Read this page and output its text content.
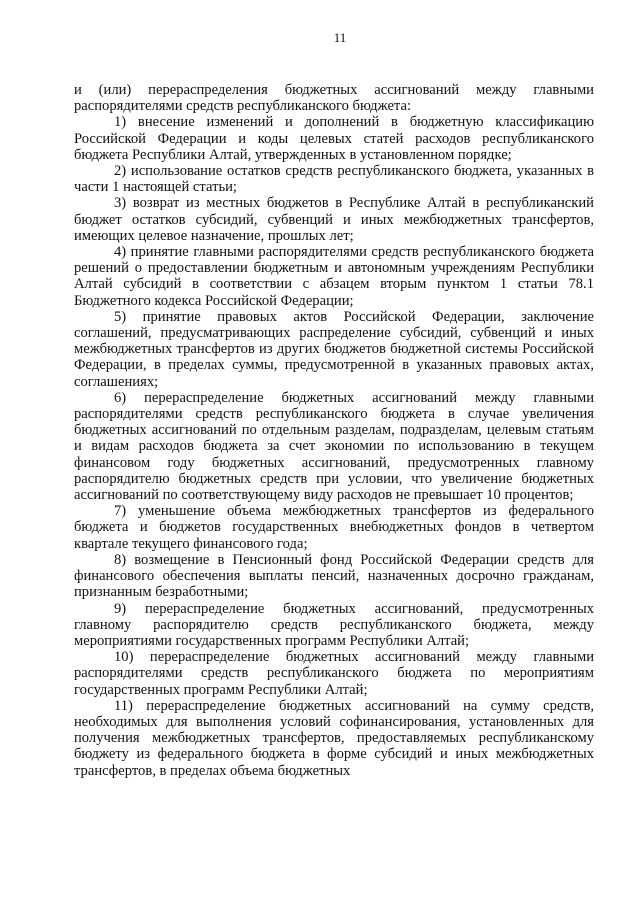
11

и (или) перераспределения бюджетных ассигнований между главными распорядителями средств республиканского бюджета:

1) внесение изменений и дополнений в бюджетную классификацию Российской Федерации и коды целевых статей расходов республиканского бюджета Республики Алтай, утвержденных в установленном порядке;

2) использование остатков средств республиканского бюджета, указанных в части 1 настоящей статьи;

3) возврат из местных бюджетов в Республике Алтай в республиканский бюджет остатков субсидий, субвенций и иных межбюджетных трансфертов, имеющих целевое назначение, прошлых лет;

4) принятие главными распорядителями средств республиканского бюджета решений о предоставлении бюджетным и автономным учреждениям Республики Алтай субсидий в соответствии с абзацем вторым пунктом 1 статьи 78.1 Бюджетного кодекса Российской Федерации;

5) принятие правовых актов Российской Федерации, заключение соглашений, предусматривающих распределение субсидий, субвенций и иных межбюджетных трансфертов из других бюджетов бюджетной системы Российской Федерации, в пределах суммы, предусмотренной в указанных правовых актах, соглашениях;

6) перераспределение бюджетных ассигнований между главными распорядителями средств республиканского бюджета в случае увеличения бюджетных ассигнований по отдельным разделам, подразделам, целевым статьям и видам расходов бюджета за счет экономии по использованию в текущем финансовом году бюджетных ассигнований, предусмотренных главному распорядителю бюджетных средств при условии, что увеличение бюджетных ассигнований по соответствующему виду расходов не превышает 10 процентов;

7) уменьшение объема межбюджетных трансфертов из федерального бюджета и бюджетов государственных внебюджетных фондов в четвертом квартале текущего финансового года;

8) возмещение в Пенсионный фонд Российской Федерации средств для финансового обеспечения выплаты пенсий, назначенных досрочно гражданам, признанным безработными;

9) перераспределение бюджетных ассигнований, предусмотренных главному распорядителю средств республиканского бюджета, между мероприятиями государственных программ Республики Алтай;

10) перераспределение бюджетных ассигнований между главными распорядителями средств республиканского бюджета по мероприятиям государственных программ Республики Алтай;

11) перераспределение бюджетных ассигнований на сумму средств, необходимых для выполнения условий софинансирования, установленных для получения межбюджетных трансфертов, предоставляемых республиканскому бюджету из федерального бюджета в форме субсидий и иных межбюджетных трансфертов, в пределах объема бюджетных
